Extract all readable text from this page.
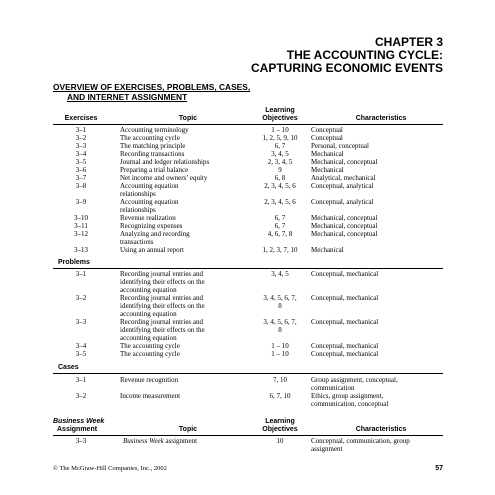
CHAPTER 3
THE ACCOUNTING CYCLE:
CAPTURING ECONOMIC EVENTS
OVERVIEW OF EXERCISES, PROBLEMS, CASES,
AND INTERNET ASSIGNMENT
Learning
Exercises	Topic	Objectives	Characteristics
3–1	Accounting terminology	1 – 10	Conceptual
3–2	The accounting cycle	1, 2, 5, 9, 10	Conceptual
3–3	The matching principle	6, 7	Personal, conceptual
3–4	Recording transactions	3, 4, 5	Mechanical
3–5	Journal and ledger relationships	2, 3, 4, 5	Mechanical, conceptual
3–6	Preparing a trial balance	9	Mechanical
3–7	Net income and owners’ equity	6, 8	Analytical, mechanical
3–8	Accounting equation	2, 3, 4, 5, 6	Conceptual, analytical
relationships
3–9	Accounting equation	2, 3, 4, 5, 6	Conceptual, analytical
relationships
3–10	Revenue realization	6, 7	Mechanical, conceptual
3–11	Recognizing expenses	6, 7	Mechanical, conceptual
3–12	Analyzing and recording	4, 6, 7, 8	Mechanical, conceptual
transactions
3–13	Using an annual report	1, 2, 3, 7, 10	Mechanical
Problems
3–1	Recording journal entries and	3, 4, 5	Conceptual, mechanical
identifying their effects on the
accounting equation
3–2	Recording journal entries and	3, 4, 5, 6, 7,	Conceptual, mechanical
identifying their effects on the	8
accounting equation
3–3	Recording journal entries and	3, 4, 5, 6, 7,	Conceptual, mechanical
identifying their effects on the	8
accounting equation
3–4	The accounting cycle	1 – 10	Conceptual, mechanical
3–5	The accounting cycle	1 – 10	Conceptual, mechanical
Cases
3–1	Revenue recognition	7, 10	Group assignment, conceptual,
communication
3–2	Income measurement	6, 7, 10	Ethics, group assignment,
communication, conceptual
Business Week	Learning
Assignment	Topic	Objectives	Characteristics
3–3	Business Week assignment	10	Conceptual, communication, group
assignment
© The McGraw-Hill Companies, Inc., 2002	57
